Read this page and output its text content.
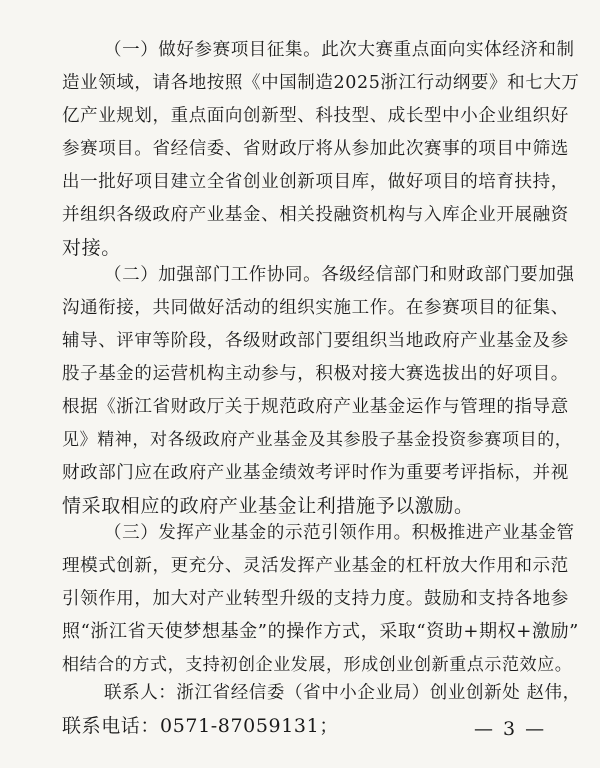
（一）做好参赛项目征集。此次大赛重点面向实体经济和制
造业领域，请各地按照《中国制造2025浙江行动纲要》和七大万
亿产业规划，重点面向创新型、科技型、成长型中小企业组织好
参赛项目。省经信委、省财政厅将从参加此次赛事的项目中筛选
出一批好项目建立全省创业创新项目库，做好项目的培育扶持，
并组织各级政府产业基金、相关投融资机构与入库企业开展融资
对接。
（二）加强部门工作协同。各级经信部门和财政部门要加强
沟通衔接，共同做好活动的组织实施工作。在参赛项目的征集、
辅导、评审等阶段，各级财政部门要组织当地政府产业基金及参
股子基金的运营机构主动参与，积极对接大赛选拔出的好项目。
根据《浙江省财政厅关于规范政府产业基金运作与管理的指导意
见》精神，对各级政府产业基金及其参股子基金投资参赛项目的，
财政部门应在政府产业基金绩效考评时作为重要考评指标，并视
情采取相应的政府产业基金让利措施予以激励。
（三）发挥产业基金的示范引领作用。积极推进产业基金管
理模式创新，更充分、灵活发挥产业基金的杠杆放大作用和示范
引领作用，加大对产业转型升级的支持力度。鼓励和支持各地参
照“浙江省天使梦想基金”的操作方式，采取“资助+期权+激励”
相结合的方式，支持初创企业发展，形成创业创新重点示范效应。
联系人：浙江省经信委（省中小企业局）创业创新处 赵伟，
联系电话：0571-87059131；	— 3 —
